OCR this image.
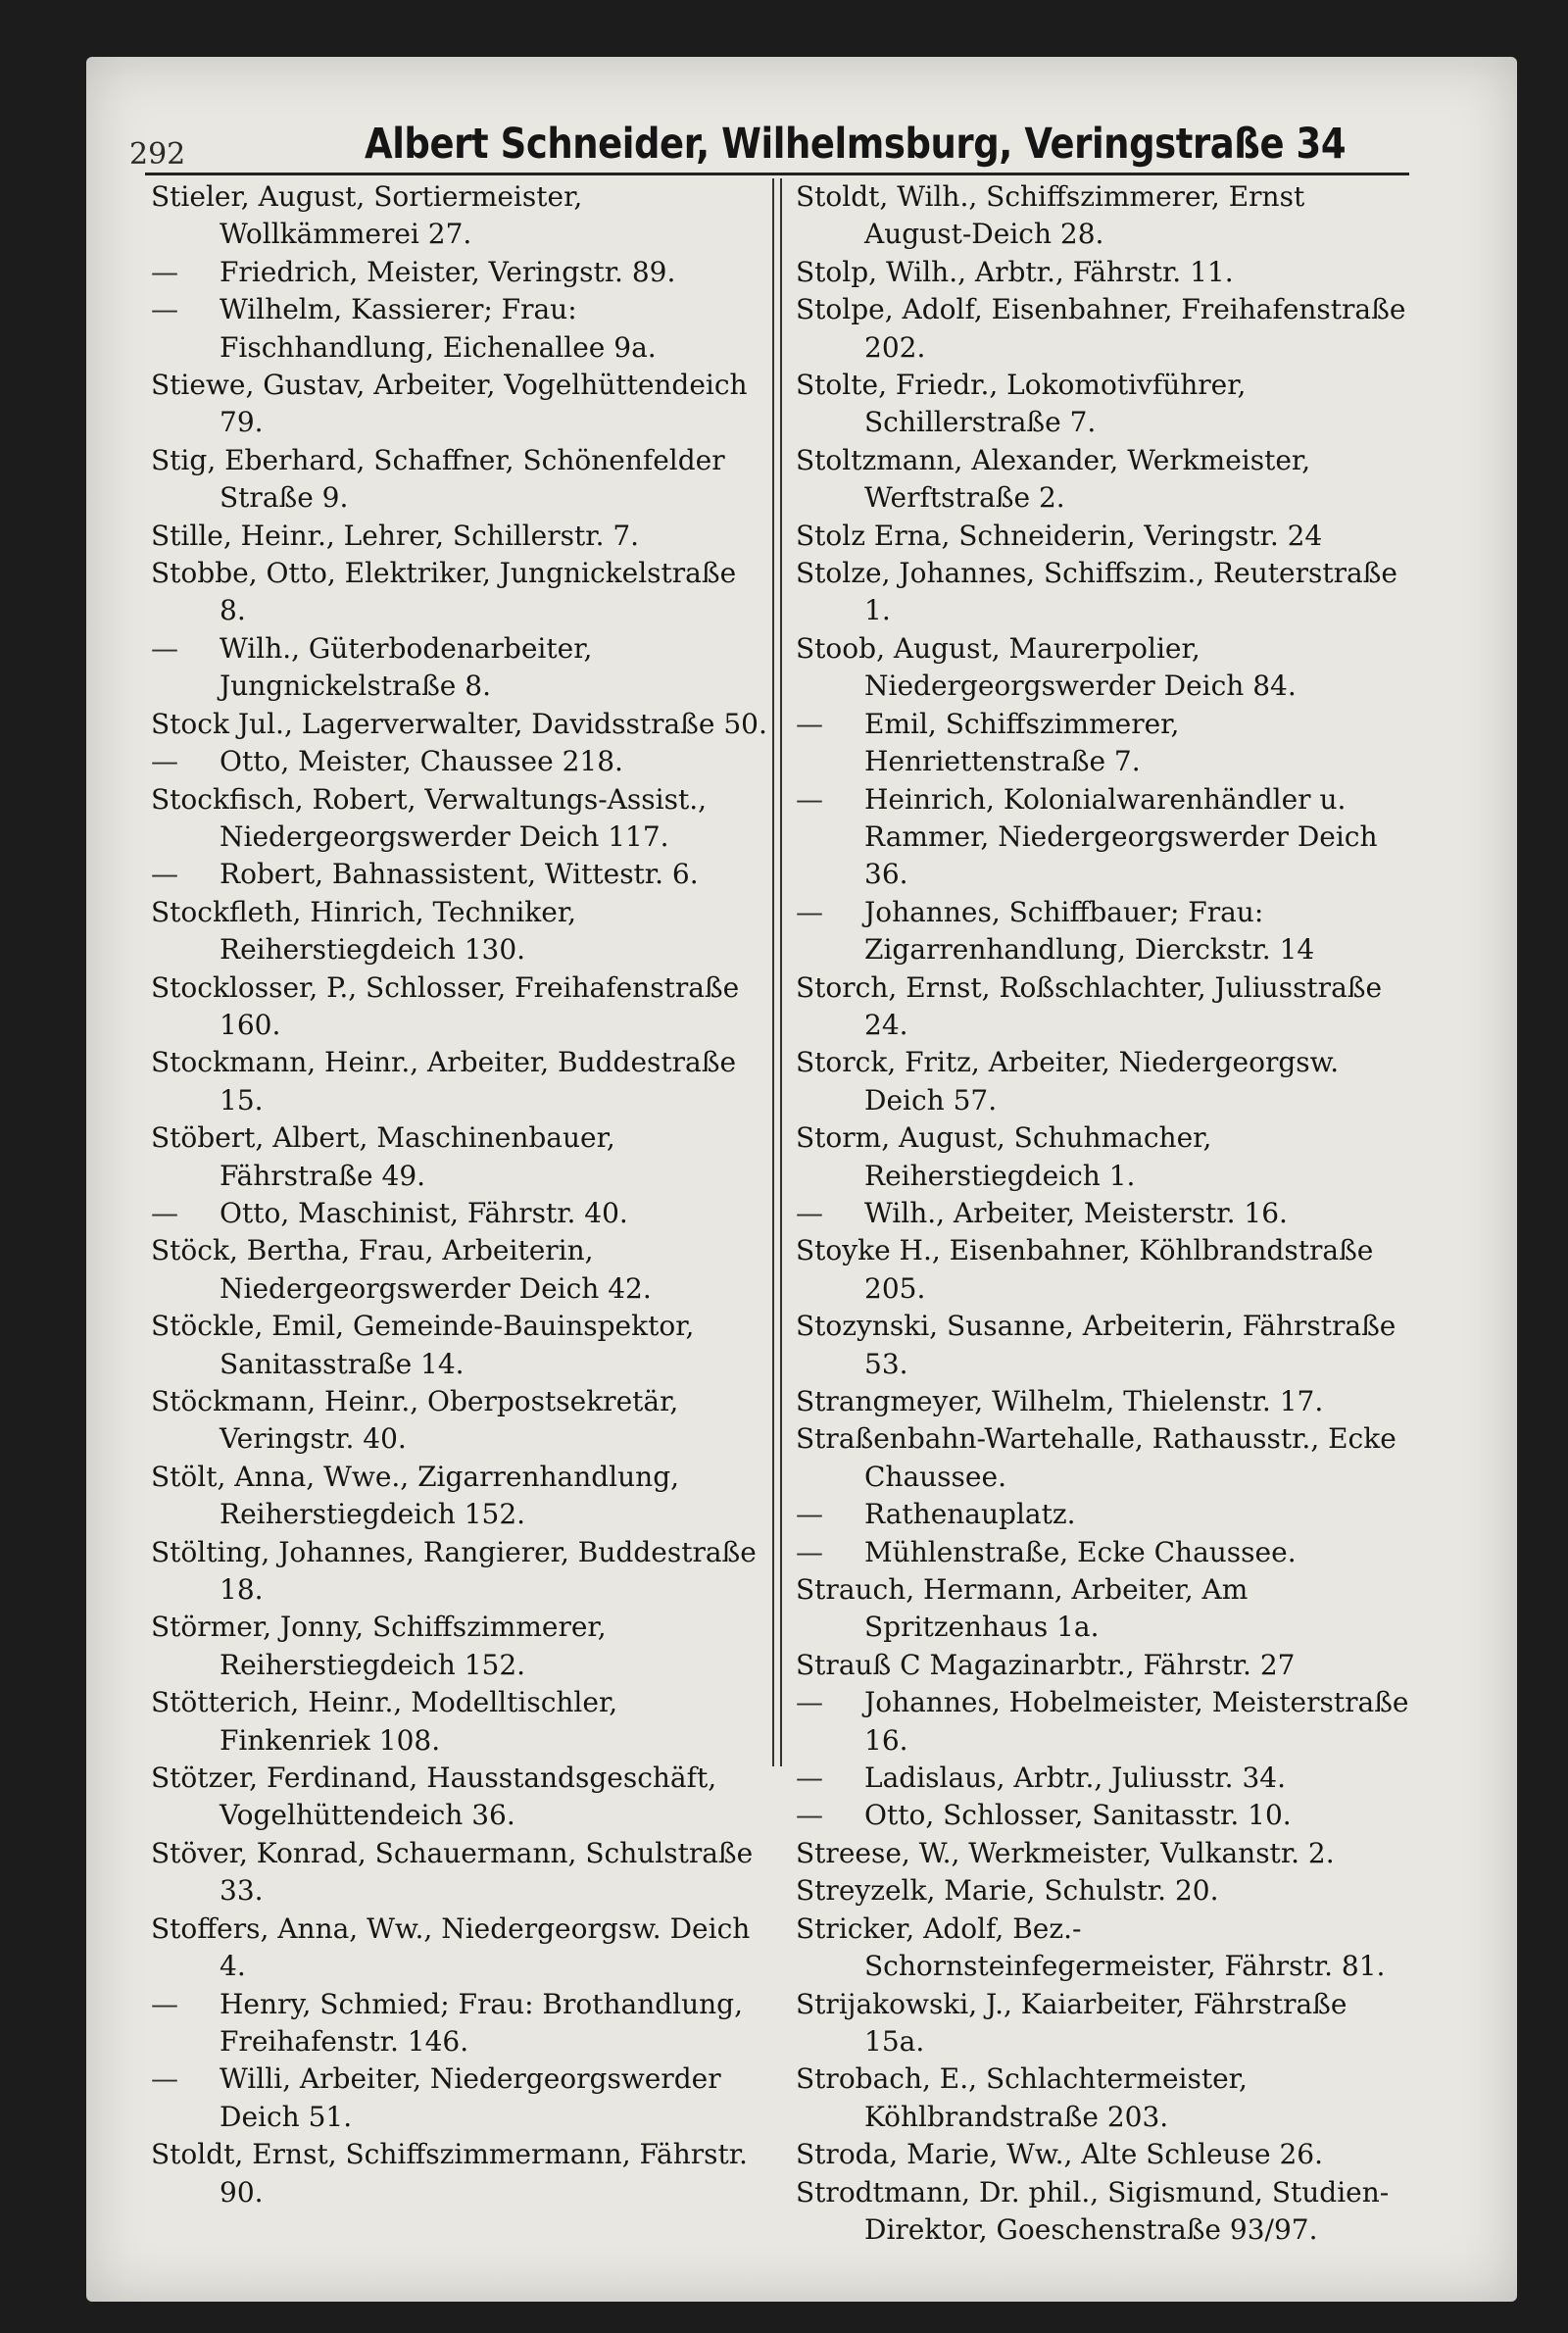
292	Albert Schneider, Wilhelmsburg, Veringstraße 34

Stieler, August, Sortiermeister, Wollkämmerei 27.

— Friedrich, Meister, Veringstr. 89.

— Wilhelm, Kassierer; Frau: Fischhandlung, Eichenallee 9a.

Stiewe, Gustav, Arbeiter, Vogelhüttendeich 79.

Stig, Eberhard, Schaffner, Schönenfelder Straße 9.

Stille, Heinr., Lehrer, Schillerstr. 7.

Stobbe, Otto, Elektriker, Jungnickelstraße 8.

— Wilh., Güterbodenarbeiter, Jungnickelstraße 8.

Stock Jul., Lagerverwalter, Davidsstraße 50.

— Otto, Meister, Chaussee 218.

Stockfisch, Robert, Verwaltungs-Assist., Niedergeorgswerder Deich 117.

— Robert, Bahnassistent, Wittestr. 6.

Stockfleth, Hinrich, Techniker, Reiherstiegdeich 130.

Stocklosser, P., Schlosser, Freihafenstraße 160.

Stockmann, Heinr., Arbeiter, Buddestraße 15.

Stöbert, Albert, Maschinenbauer, Fährstraße 49.

— Otto, Maschinist, Fährstr. 40.

Stöck, Bertha, Frau, Arbeiterin, Niedergeorgswerder Deich 42.

Stöckle, Emil, Gemeinde-Bauinspektor, Sanitasstraße 14.

Stöckmann, Heinr., Oberpostsekretär, Veringstr. 40.

Stölt, Anna, Wwe., Zigarrenhandlung, Reiherstiegdeich 152.

Stölting, Johannes, Rangierer, Buddestraße 18.

Störmer, Jonny, Schiffszimmerer, Reiherstiegdeich 152.

Stötterich, Heinr., Modelltischler, Finkenriek 108.

Stötzer, Ferdinand, Hausstandsgeschäft, Vogelhüttendeich 36.

Stöver, Konrad, Schauermann, Schulstraße 33.

Stoffers, Anna, Ww., Niedergeorgsw. Deich 4.

— Henry, Schmied; Frau: Brothandlung, Freihafenstr. 146.

— Willi, Arbeiter, Niedergeorgswerder Deich 51.

Stoldt, Ernst, Schiffszimmermann, Fährstr. 90.

Stoldt, Wilh., Schiffszimmerer, Ernst August-Deich 28.

Stolp, Wilh., Arbtr., Fährstr. 11.

Stolpe, Adolf, Eisenbahner, Freihafenstraße 202.

Stolte, Friedr., Lokomotivführer, Schillerstraße 7.

Stoltzmann, Alexander, Werkmeister, Werftstraße 2.

Stolz Erna, Schneiderin, Veringstr. 24

Stolze, Johannes, Schiffszim., Reuterstraße 1.

Stoob, August, Maurerpolier, Niedergeorgswerder Deich 84.

— Emil, Schiffszimmerer, Henriettenstraße 7.

— Heinrich, Kolonialwarenhändler u. Rammer, Niedergeorgswerder Deich 36.

— Johannes, Schiffbauer; Frau: Zigarrenhandlung, Dierckstr. 14

Storch, Ernst, Roßschlachter, Juliusstraße 24.

Storck, Fritz, Arbeiter, Niedergeorgsw. Deich 57.

Storm, August, Schuhmacher, Reiherstiegdeich 1.

— Wilh., Arbeiter, Meisterstr. 16.

Stoyke H., Eisenbahner, Köhlbrandstraße 205.

Stozynski, Susanne, Arbeiterin, Fährstraße 53.

Strangmeyer, Wilhelm, Thielenstr. 17.

Straßenbahn-Wartehalle, Rathausstr., Ecke Chaussee.

— Rathenauplatz.

— Mühlenstraße, Ecke Chaussee.

Strauch, Hermann, Arbeiter, Am Spritzenhaus 1a.

Strauß C Magazinarbtr., Fährstr. 27

— Johannes, Hobelmeister, Meisterstraße 16.

— Ladislaus, Arbtr., Juliusstr. 34.

— Otto, Schlosser, Sanitasstr. 10.

Streese, W., Werkmeister, Vulkanstr. 2.

Streyzelk, Marie, Schulstr. 20.

Stricker, Adolf, Bez.-Schornsteinfegermeister, Fährstr. 81.

Strijakowski, J., Kaiarbeiter, Fährstraße 15a.

Strobach, E., Schlachtermeister, Köhlbrandstraße 203.

Stroda, Marie, Ww., Alte Schleuse 26.

Strodtmann, Dr. phil., Sigismund, Studien-Direktor, Goeschenstraße 93/97.
